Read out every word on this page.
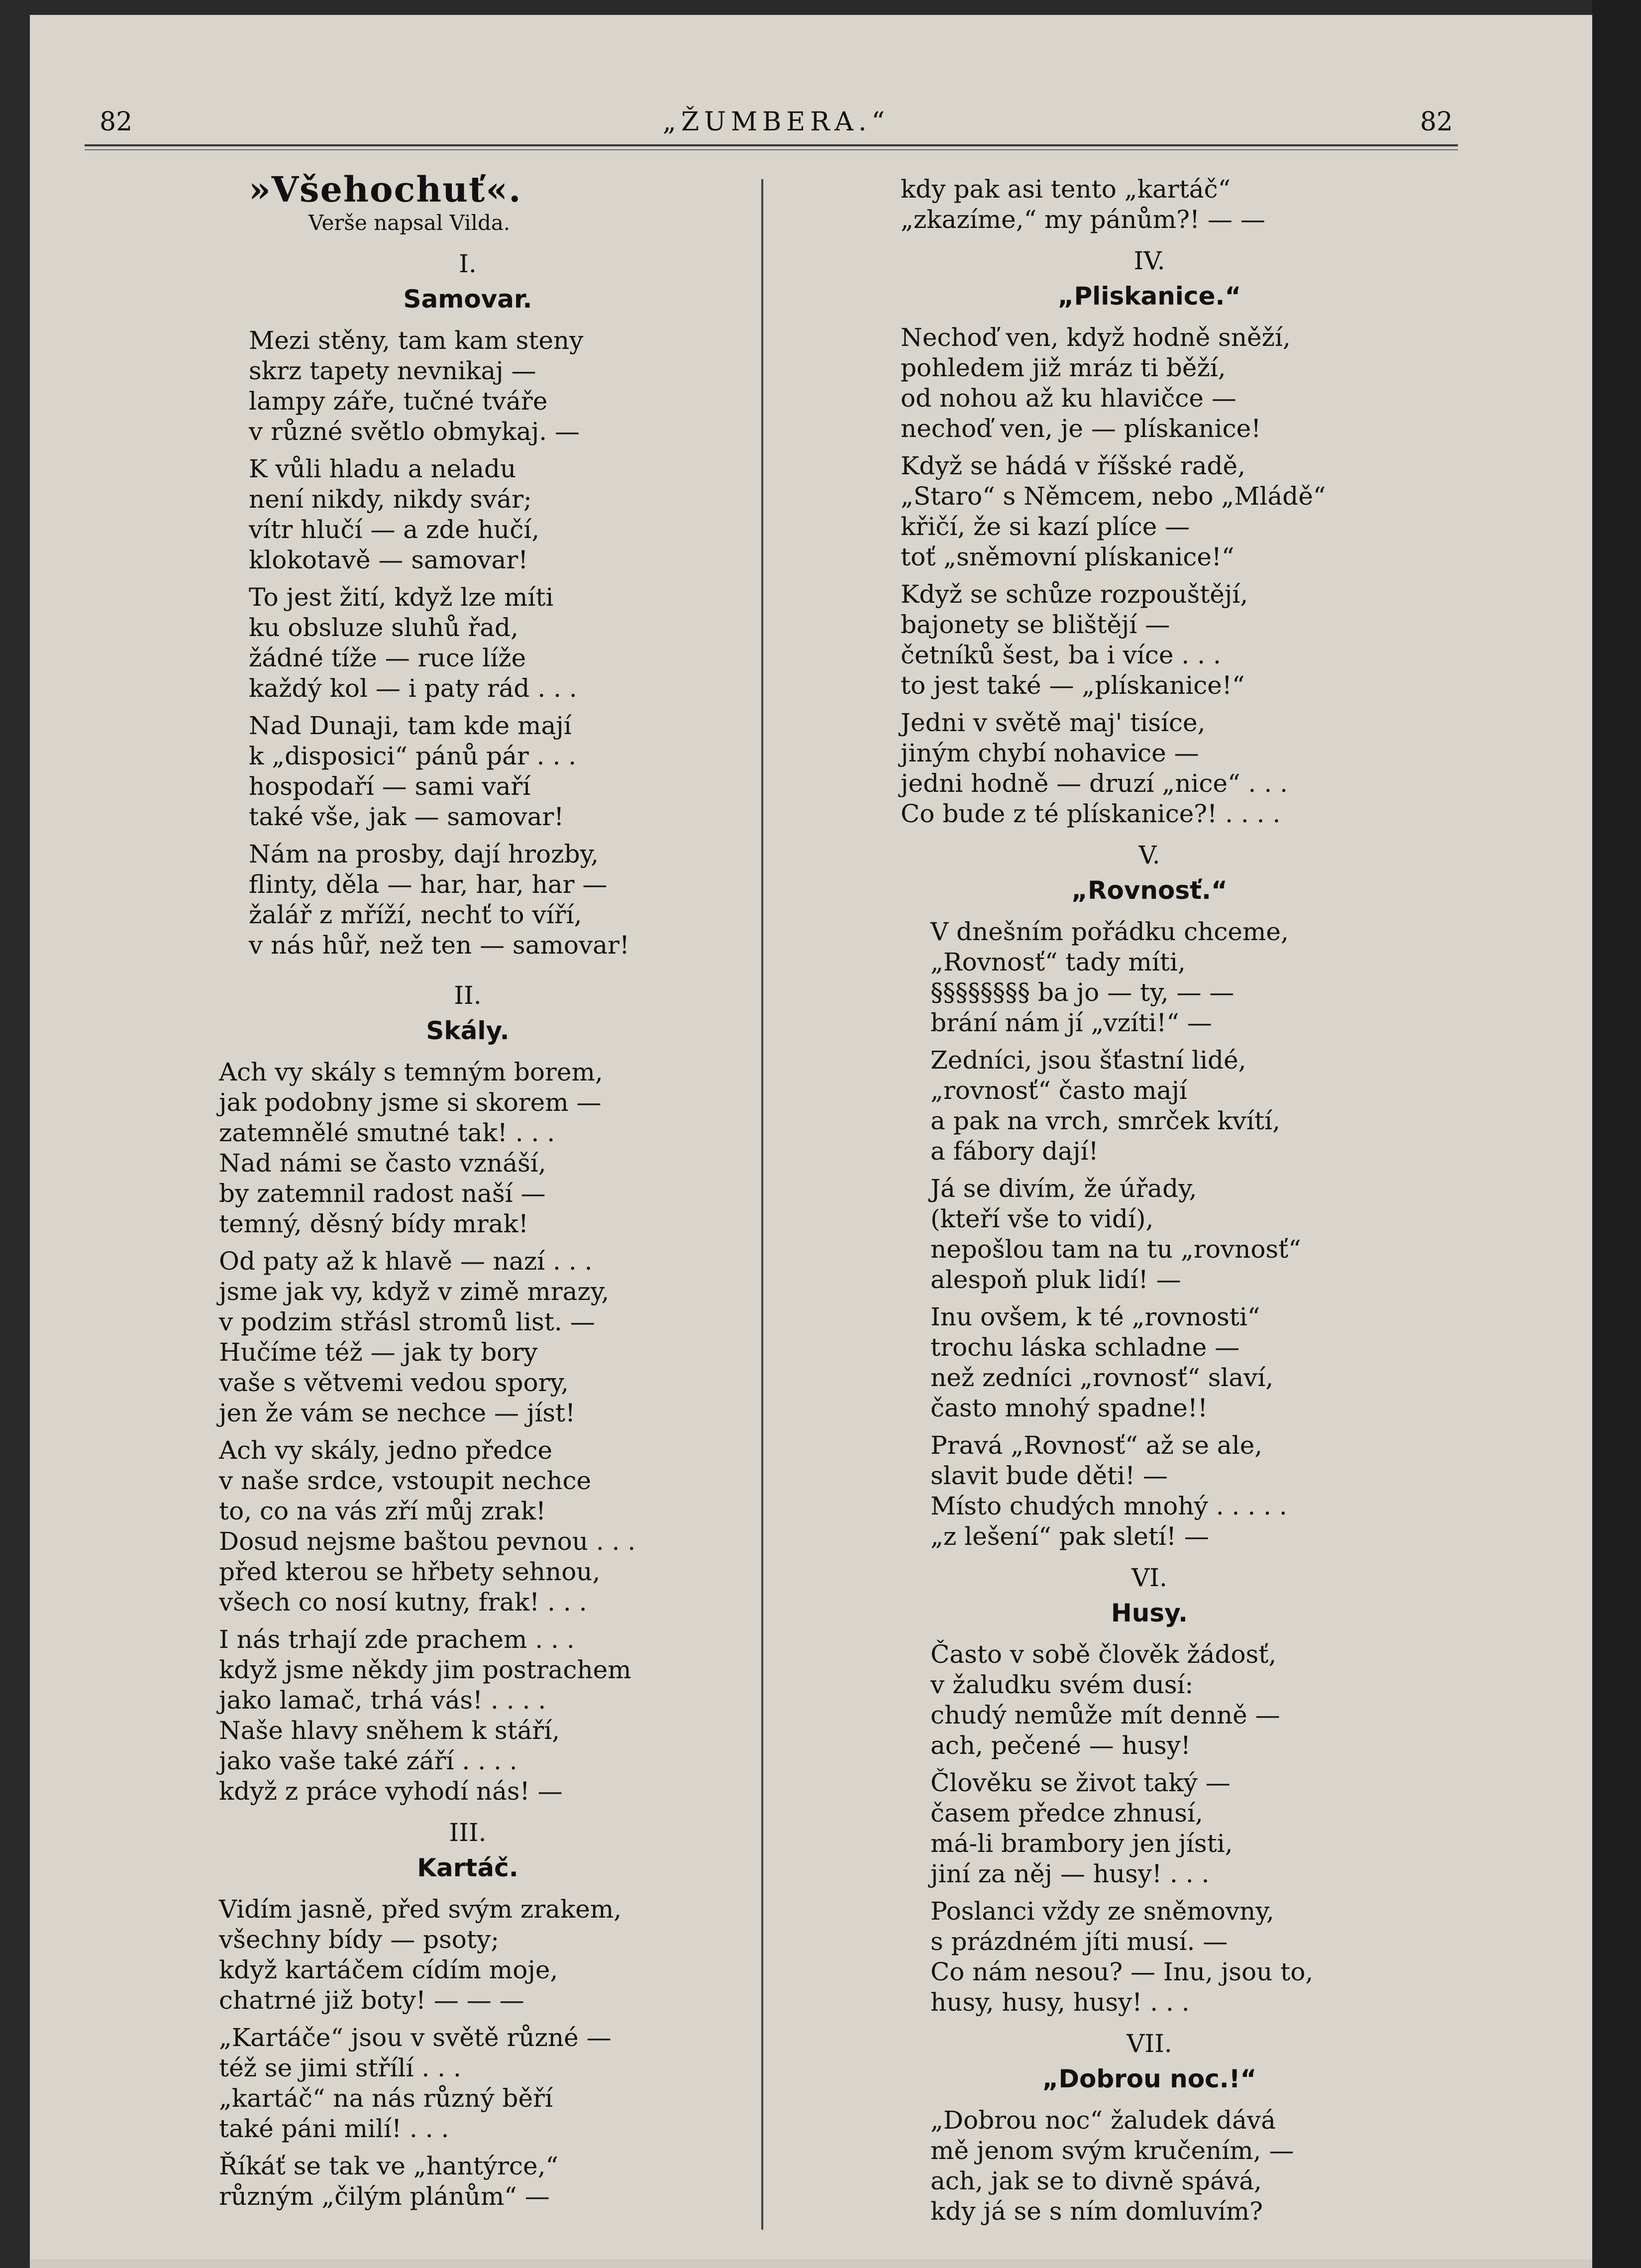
82	„ŽUMBERA.“	82
»Všehochuť«.
Verše napsal Vilda.
I.
Samovar.
Mezi stěny, tam kam steny
skrz tapety nevnikaj —
lampy záře, tučné tváře
v různé světlo obmykaj. —
K vůli hladu a neladu
není nikdy, nikdy svár;
vítr hlučí — a zde hučí,
klokotavě — samovar!
To jest žití, když lze míti
ku obsluze sluhů řad,
žádné tíže — ruce líže
každý kol — i paty rád . . .
Nad Dunaji, tam kde mají
k „disposici“ pánů pár . . .
hospodaří — sami vaří
také vše, jak — samovar!
Nám na prosby, dají hrozby,
flinty, děla — har, har, har —
žalář z mříží, nechť to víří,
v nás hůř, než ten — samovar!
II.
Skály.
Ach vy skály s temným borem,
jak podobny jsme si skorem —
zatemnělé smutné tak! . . .
Nad námi se často vznáší,
by zatemnil radost naší —
temný, děsný bídy mrak!
Od paty až k hlavě — nazí . . .
jsme jak vy, když v zimě mrazy,
v podzim střásl stromů list. —
Hučíme též — jak ty bory
vaše s větvemi vedou spory,
jen že vám se nechce — jíst!
Ach vy skály, jedno předce
v naše srdce, vstoupit nechce
to, co na vás zří můj zrak!
Dosud nejsme baštou pevnou . . .
před kterou se hřbety sehnou,
všech co nosí kutny, frak! . . .
I nás trhají zde prachem . . .
když jsme někdy jim postrachem
jako lamač, trhá vás! . . . .
Naše hlavy sněhem k stáří,
jako vaše také září . . . .
když z práce vyhodí nás! —
III.
Kartáč.
Vidím jasně, před svým zrakem,
všechny bídy — psoty;
když kartáčem cídím moje,
chatrné již boty! — — —
„Kartáče“ jsou v světě různé —
též se jimi střílí . . .
„kartáč“ na nás různý běří
také páni milí! . . .
Říkáť se tak ve „hantýrce,“
různým „čilým plánům“ —
kdy pak asi tento „kartáč“
„zkazíme,“ my pánům?! — —
IV.
„Pliskanice.“
Nechoď ven, když hodně sněží,
pohledem již mráz ti běží,
od nohou až ku hlavičce —
nechoď ven, je — plískanice!
Když se hádá v říšské radě,
„Staro“ s Němcem, nebo „Mládě“
křičí, že si kazí plíce —
toť „sněmovní plískanice!“
Když se schůze rozpouštějí,
bajonety se blištějí —
četníků šest, ba i více . . .
to jest také — „plískanice!“
Jedni v světě maj' tisíce,
jiným chybí nohavice —
jedni hodně — druzí „nice“ . . .
Co bude z té plískanice?! . . . .
V.
„Rovnosť.“
V dnešním pořádku chceme,
„Rovnosť“ tady míti,
§§§§§§§§ ba jo — ty, — —
brání nám jí „vzíti!“ —
Zedníci, jsou šťastní lidé,
„rovnosť“ často mají
a pak na vrch, smrček kvítí,
a fábory dají!
Já se divím, že úřady,
(kteří vše to vidí),
nepošlou tam na tu „rovnosť“
alespoň pluk lidí! —
Inu ovšem, k té „rovnosti“
trochu láska schladne —
než zedníci „rovnosť“ slaví,
často mnohý spadne!!
Pravá „Rovnosť“ až se ale,
slavit bude děti! —
Místo chudých mnohý . . . . .
„z lešení“ pak sletí! —
VI.
Husy.
Často v sobě člověk žádosť,
v žaludku svém dusí:
chudý nemůže mít denně —
ach, pečené — husy!
Člověku se život taký —
časem předce zhnusí,
má-li brambory jen jísti,
jiní za něj — husy! . . .
Poslanci vždy ze sněmovny,
s prázdném jíti musí. —
Co nám nesou? — Inu, jsou to,
husy, husy, husy! . . .
VII.
„Dobrou noc.!“
„Dobrou noc“ žaludek dává
mě jenom svým kručením, —
ach, jak se to divně spává,
kdy já se s ním domluvím?
